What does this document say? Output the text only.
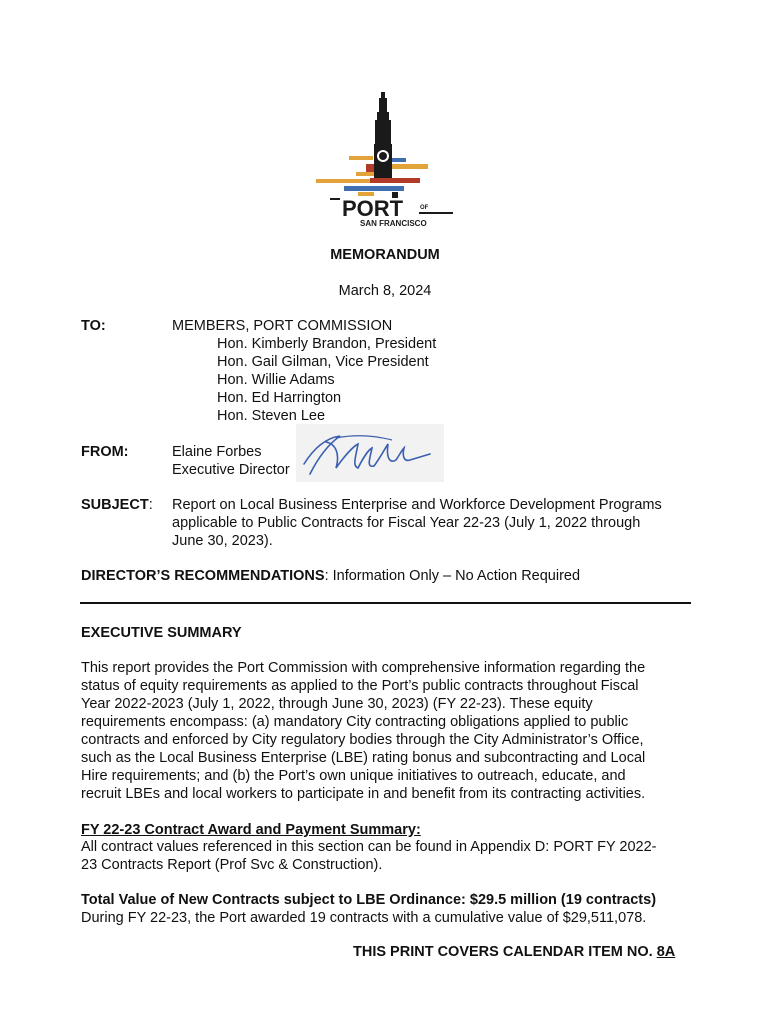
PORT	OF
SAN FRANCISCO
MEMORANDUM
March 8, 2024
TO:	MEMBERS, PORT COMMISSION
Hon. Kimberly Brandon, President
Hon. Gail Gilman, Vice President
Hon. Willie Adams
Hon. Ed Harrington
Hon. Steven Lee
FROM:	Elaine Forbes
Executive Director
SUBJECT: Report on Local Business Enterprise and Workforce Development Programs
applicable to Public Contracts for Fiscal Year 22-23 (July 1, 2022 through
June 30, 2023).
DIRECTOR’S RECOMMENDATIONS: Information Only – No Action Required
EXECUTIVE SUMMARY
This report provides the Port Commission with comprehensive information regarding the
status of equity requirements as applied to the Port’s public contracts throughout Fiscal
Year 2022-2023 (July 1, 2022, through June 30, 2023) (FY 22-23). These equity
requirements encompass: (a) mandatory City contracting obligations applied to public
contracts and enforced by City regulatory bodies through the City Administrator’s Office,
such as the Local Business Enterprise (LBE) rating bonus and subcontracting and Local
Hire requirements; and (b) the Port’s own unique initiatives to outreach, educate, and
recruit LBEs and local workers to participate in and benefit from its contracting activities.
FY 22-23 Contract Award and Payment Summary:
All contract values referenced in this section can be found in Appendix D: PORT FY 2022-
23 Contracts Report (Prof Svc & Construction).
Total Value of New Contracts subject to LBE Ordinance: $29.5 million (19 contracts)
During FY 22-23, the Port awarded 19 contracts with a cumulative value of $29,511,078.
THIS PRINT COVERS CALENDAR ITEM NO. 8A
